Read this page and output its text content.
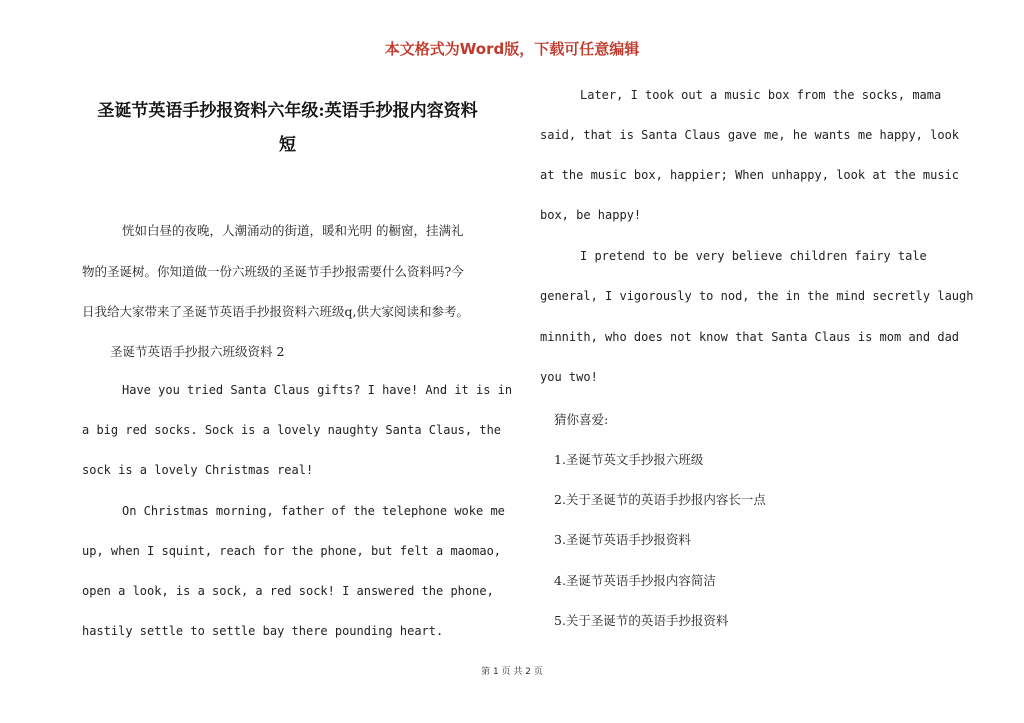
本文格式为Word版，下载可任意编辑
圣诞节英语手抄报资料六年级:英语手抄报内容资料
短
恍如白昼的夜晚，人潮涌动的街道，暖和光明 的橱窗，挂满礼
物的圣诞树。你知道做一份六班级的圣诞节手抄报需要什么资料吗?今
日我给大家带来了圣诞节英语手抄报资料六班级q,供大家阅读和参考。
圣诞节英语手抄报六班级资料 2
Have you tried Santa Claus gifts? I have! And it is in
a big red socks. Sock is a lovely naughty Santa Claus, the
sock is a lovely Christmas real!
On Christmas morning, father of the telephone woke me
up, when I squint, reach for the phone, but felt a maomao,
open a look, is a sock, a red sock! I answered the phone,
hastily settle to settle bay there pounding heart.
Later, I took out a music box from the socks, mama
said, that is Santa Claus gave me, he wants me happy, look
at the music box, happier; When unhappy, look at the music
box, be happy!
I pretend to be very believe children fairy tale
general, I vigorously to nod, the in the mind secretly laugh
minnith, who does not know that Santa Claus is mom and dad
you two!
猜你喜爱:
1.圣诞节英文手抄报六班级
2.关于圣诞节的英语手抄报内容长一点
3.圣诞节英语手抄报资料
4.圣诞节英语手抄报内容简洁
5.关于圣诞节的英语手抄报资料
第 1 页 共 2 页
